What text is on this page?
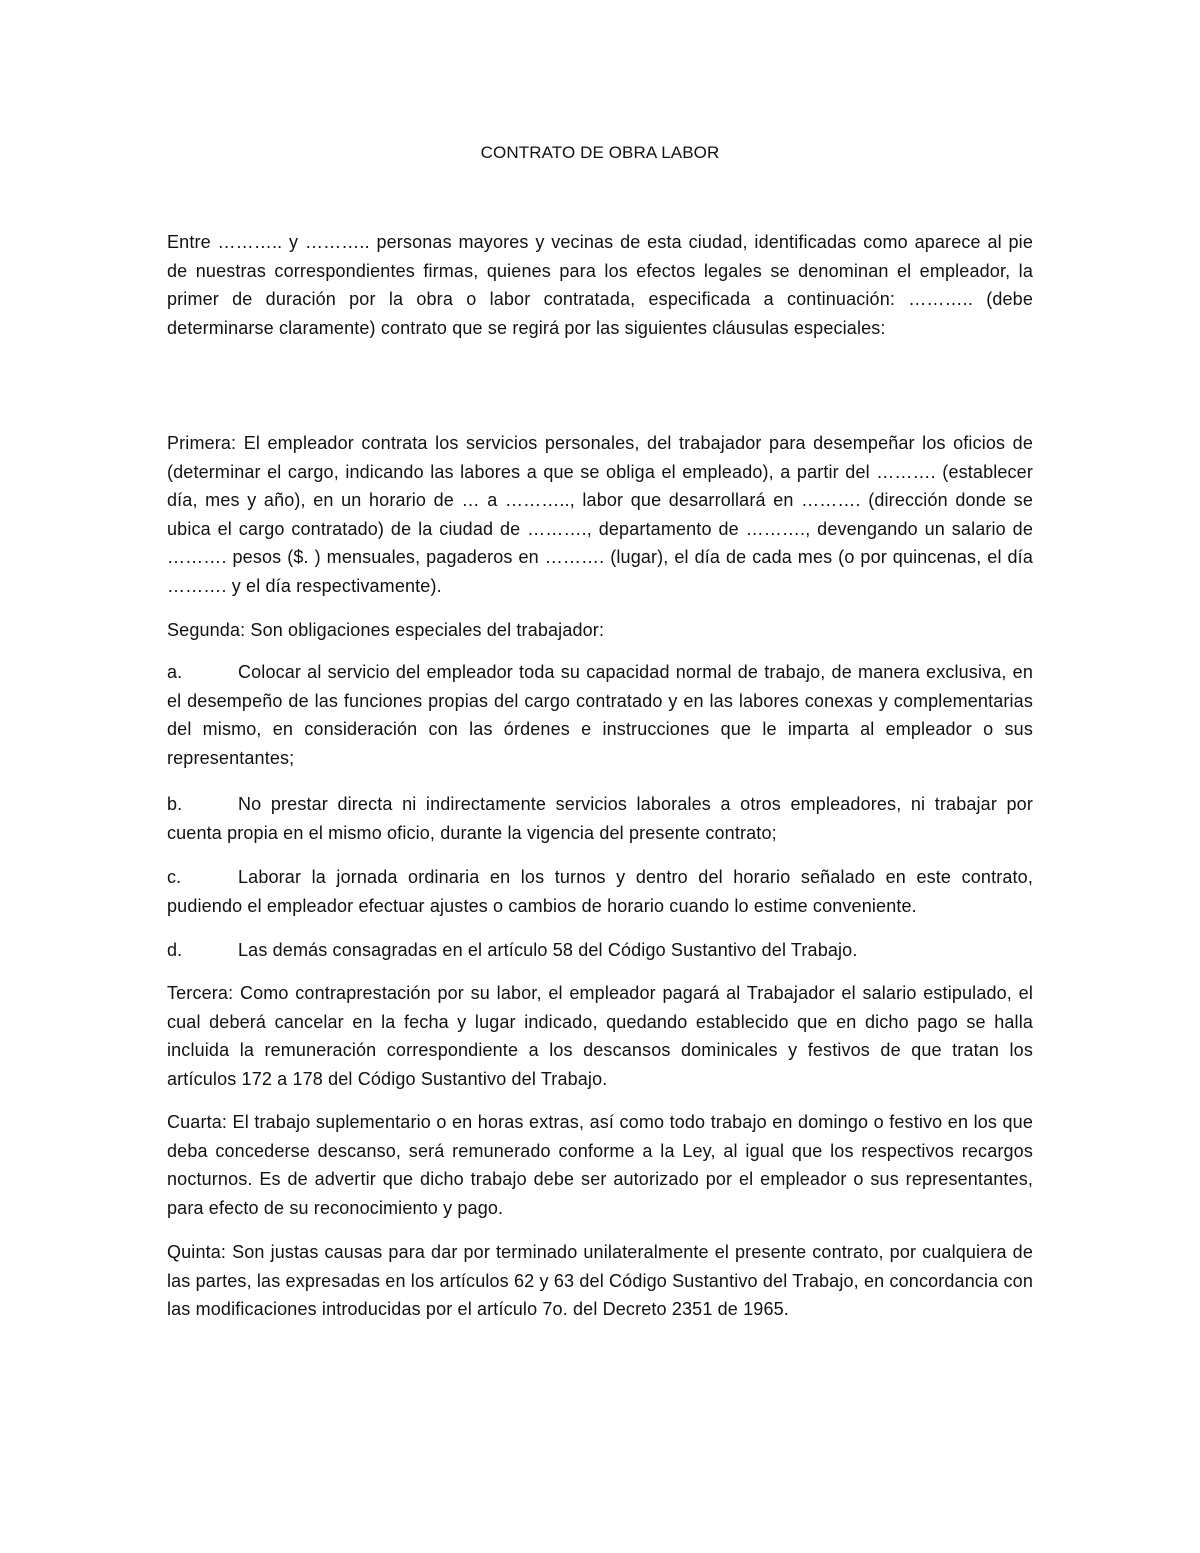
CONTRATO DE OBRA LABOR
Entre ……….. y ……….. personas mayores y vecinas de esta ciudad, identificadas como aparece al pie de nuestras correspondientes firmas, quienes para los efectos legales se denominan el empleador, la primer de duración por la obra o labor contratada, especificada a continuación: ……….. (debe determinarse claramente) contrato que se regirá por las siguientes cláusulas especiales:
Primera: El empleador contrata los servicios personales, del trabajador para desempeñar los oficios de (determinar el cargo, indicando las labores a que se obliga el empleado), a partir del ………. (establecer día, mes y año), en un horario de … a ……….., labor que desarrollará en ………. (dirección donde se ubica el cargo contratado) de la ciudad de ………., departamento de ………., devengando un salario de ………. pesos ($. ) mensuales, pagaderos en ………. (lugar), el día de cada mes (o por quincenas, el día ………. y el día respectivamente).
Segunda: Son obligaciones especiales del trabajador:
a.	Colocar al servicio del empleador toda su capacidad normal de trabajo, de manera exclusiva, en el desempeño de las funciones propias del cargo contratado y en las labores conexas y complementarias del mismo, en consideración con las órdenes e instrucciones que le imparta al empleador o sus representantes;
b.	No prestar directa ni indirectamente servicios laborales a otros empleadores, ni trabajar por cuenta propia en el mismo oficio, durante la vigencia del presente contrato;
c.	Laborar la jornada ordinaria en los turnos y dentro del horario señalado en este contrato, pudiendo el empleador efectuar ajustes o cambios de horario cuando lo estime conveniente.
d.	Las demás consagradas en el artículo 58 del Código Sustantivo del Trabajo.
Tercera: Como contraprestación por su labor, el empleador pagará al Trabajador el salario estipulado, el cual deberá cancelar en la fecha y lugar indicado, quedando establecido que en dicho pago se halla incluida la remuneración correspondiente a los descansos dominicales y festivos de que tratan los artículos 172 a 178 del Código Sustantivo del Trabajo.
Cuarta: El trabajo suplementario o en horas extras, así como todo trabajo en domingo o festivo en los que deba concederse descanso, será remunerado conforme a la Ley, al igual que los respectivos recargos nocturnos. Es de advertir que dicho trabajo debe ser autorizado por el empleador o sus representantes, para efecto de su reconocimiento y pago.
Quinta: Son justas causas para dar por terminado unilateralmente el presente contrato, por cualquiera de las partes, las expresadas en los artículos 62 y 63 del Código Sustantivo del Trabajo, en concordancia con las modificaciones introducidas por el artículo 7o. del Decreto 2351 de 1965.
